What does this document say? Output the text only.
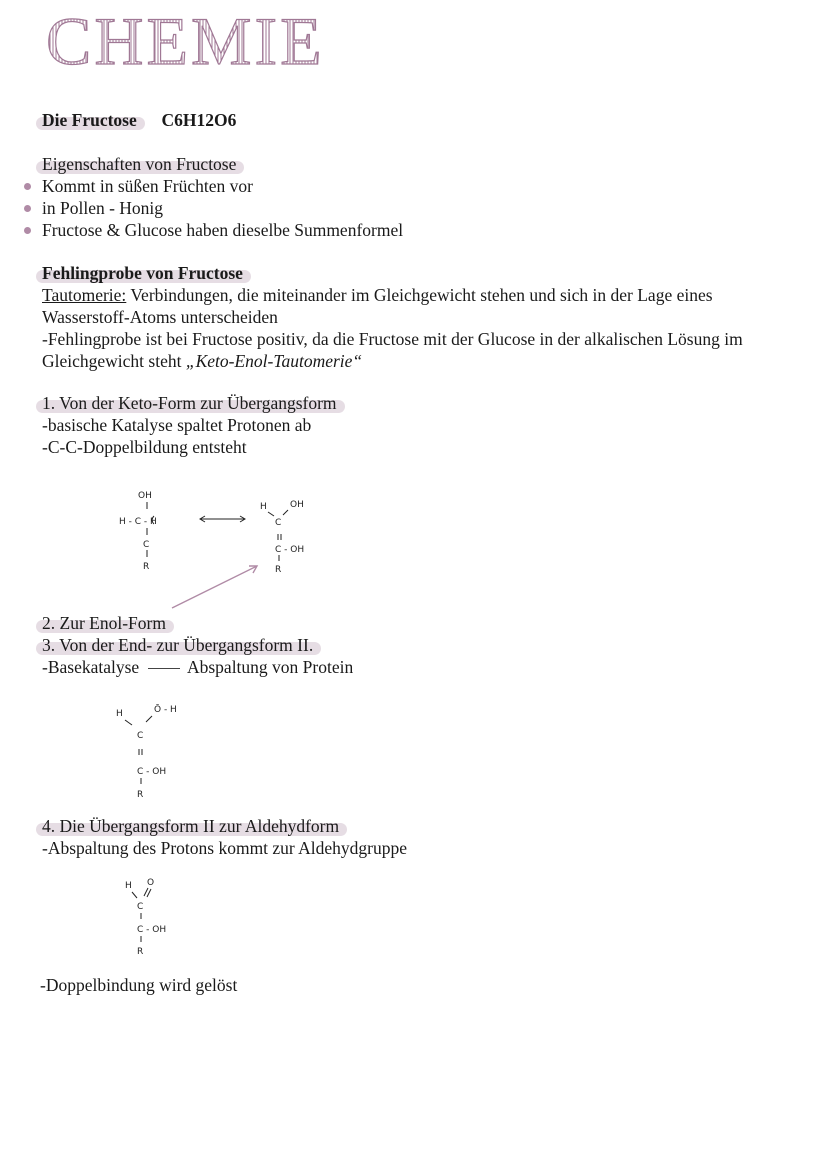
CHEMIE
Die Fructose C6H12O6
Eigenschaften von Fructose
Kommt in süßen Früchten vor
in Pollen - Honig
Fructose & Glucose haben dieselbe Summenformel
Fehlingprobe von Fructose
Tautomerie: Verbindungen, die miteinander im Gleichgewicht stehen und sich in der Lage eines Wasserstoff-Atoms unterscheiden
-Fehlingprobe ist bei Fructose positiv, da die Fructose mit der Glucose in der alkalischen Lösung im Gleichgewicht steht „Keto-Enol-Tautomerie“
1. Von der Keto-Form zur Übergangsform
-basische Katalyse spaltet Protonen ab
-C-C-Doppelbildung entsteht
OH
H - C - H
C
R
H	OH
C
C - OH
R
2. Zur Enol-Form
3. Von der End- zur Übergangsform II.
-Basekatalyse	Abspaltung von Protein
H	Ō - H
C
C - OH
R
4. Die Übergangsform II zur Aldehydform
-Abspaltung des Protons kommt zur Aldehydgruppe
H O
C
C - OH
R
-Doppelbindung wird gelöst
